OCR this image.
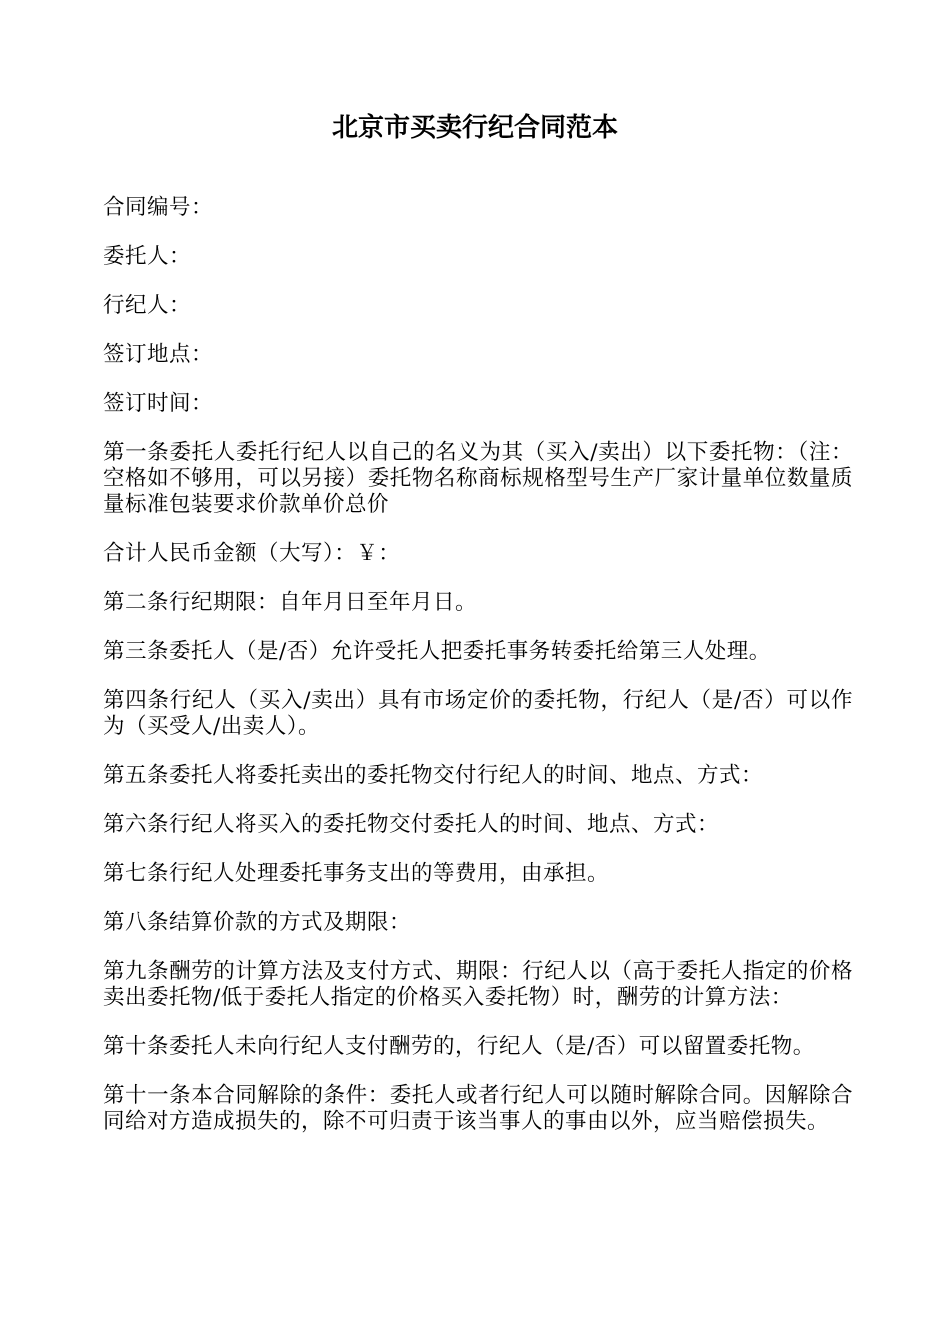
北京市买卖行纪合同范本

合同编号：

委托人：

行纪人：

签订地点：

签订时间：

第一条委托人委托行纪人以自己的名义为其（买入/卖出）以下委托物：（注：空格如不够用，可以另接）委托物名称商标规格型号生产厂家计量单位数量质量标准包装要求价款单价总价

合计人民币金额（大写）：￥：

第二条行纪期限：自年月日至年月日。

第三条委托人（是/否）允许受托人把委托事务转委托给第三人处理。

第四条行纪人（买入/卖出）具有市场定价的委托物，行纪人（是/否）可以作为（买受人/出卖人）。

第五条委托人将委托卖出的委托物交付行纪人的时间、地点、方式：

第六条行纪人将买入的委托物交付委托人的时间、地点、方式：

第七条行纪人处理委托事务支出的等费用，由承担。

第八条结算价款的方式及期限：

第九条酬劳的计算方法及支付方式、期限：行纪人以（高于委托人指定的价格卖出委托物/低于委托人指定的价格买入委托物）时，酬劳的计算方法：

第十条委托人未向行纪人支付酬劳的，行纪人（是/否）可以留置委托物。

第十一条本合同解除的条件：委托人或者行纪人可以随时解除合同。因解除合同给对方造成损失的，除不可归责于该当事人的事由以外，应当赔偿损失。
